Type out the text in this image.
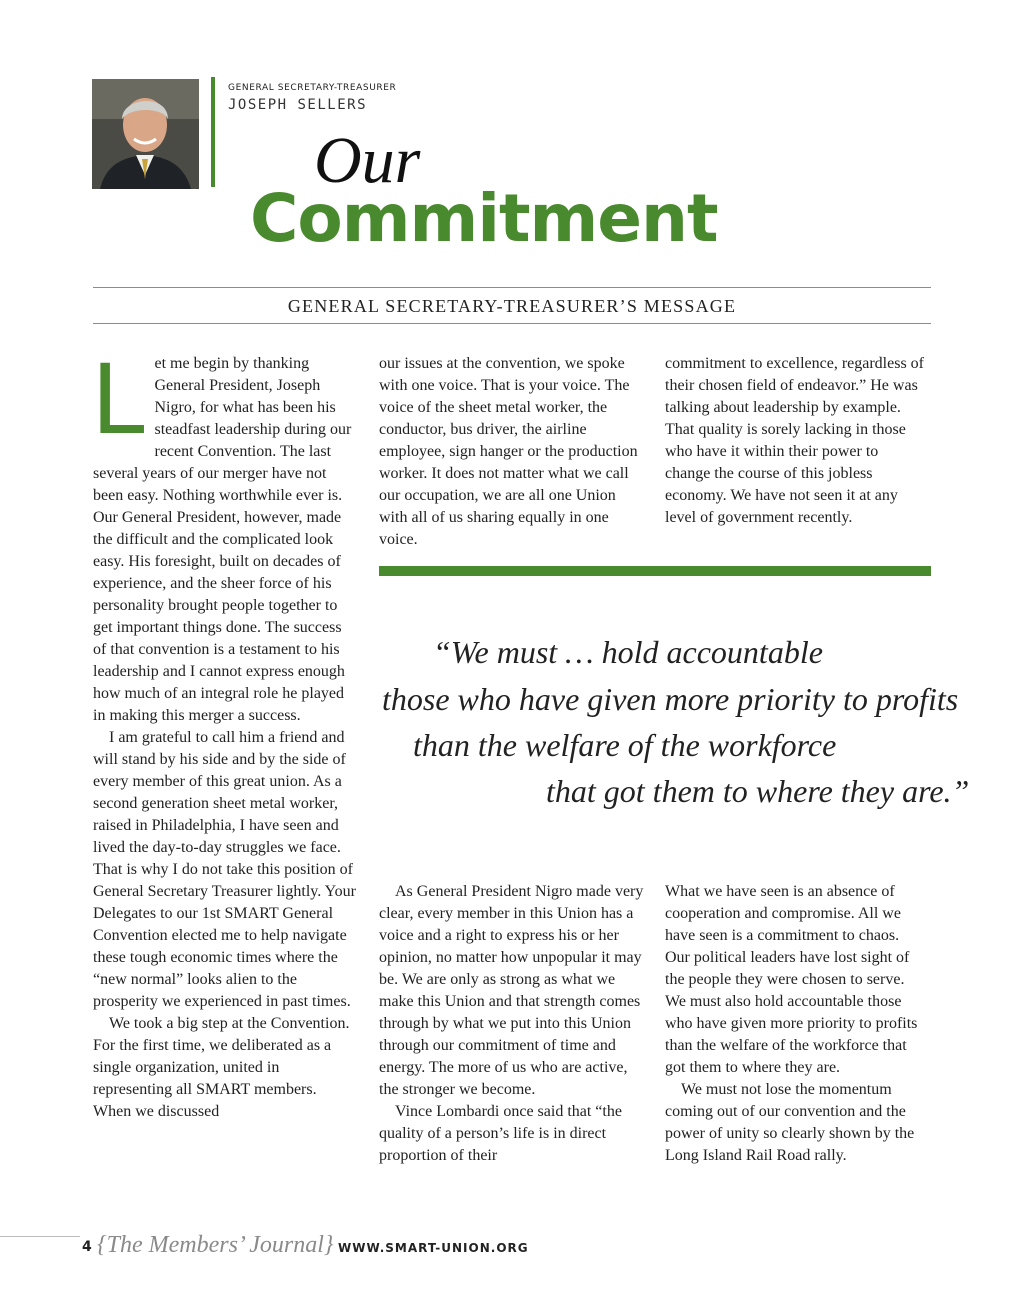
GENERAL SECRETARY-TREASURER
JOSEPH SELLERS
Our
Commitment
GENERAL SECRETARY-TREASURER’S MESSAGE

Let me begin by thanking General President, Joseph Nigro, for what has been his steadfast leadership during our recent Convention. The last several years of our merger have not been easy. Nothing worthwhile ever is. Our General President, however, made the difficult and the complicated look easy. His foresight, built on decades of experience, and the sheer force of his personality brought people together to get important things done. The success of that convention is a testament to his leadership and I cannot express enough how much of an integral role he played in making this merger a success.

I am grateful to call him a friend and will stand by his side and by the side of every member of this great union. As a second generation sheet metal worker, raised in Philadelphia, I have seen and lived the day-to-day struggles we face. That is why I do not take this position of General Secretary Treasurer lightly. Your Delegates to our 1st SMART General Convention elected me to help navigate these tough economic times where the “new normal” looks alien to the prosperity we experienced in past times.

We took a big step at the Convention. For the first time, we deliberated as a single organization, united in representing all SMART members. When we discussed

our issues at the convention, we spoke with one voice. That is your voice. The voice of the sheet metal worker, the conductor, bus driver, the airline employee, sign hanger or the production worker. It does not matter what we call our occupation, we are all one Union with all of us sharing equally in one voice.

commitment to excellence, regardless of their chosen field of endeavor.” He was talking about leadership by example. That quality is sorely lacking in those who have it within their power to change the course of this jobless economy. We have not seen it at any level of government recently.

“We must … hold accountable
those who have given more priority to profits
than the welfare of the workforce
that got them to where they are.”

As General President Nigro made very clear, every member in this Union has a voice and a right to express his or her opinion, no matter how unpopular it may be. We are only as strong as what we make this Union and that strength comes through by what we put into this Union through our commitment of time and energy. The more of us who are active, the stronger we become.

Vince Lombardi once said that “the quality of a person’s life is in direct proportion of their

What we have seen is an absence of cooperation and compromise. All we have seen is a commitment to chaos. Our political leaders have lost sight of the people they were chosen to serve. We must also hold accountable those who have given more priority to profits than the welfare of the workforce that got them to where they are.

We must not lose the momentum coming out of our convention and the power of unity so clearly shown by the Long Island Rail Road rally.

4 {The Members’ Journal} WWW.SMART-UNION.ORG
